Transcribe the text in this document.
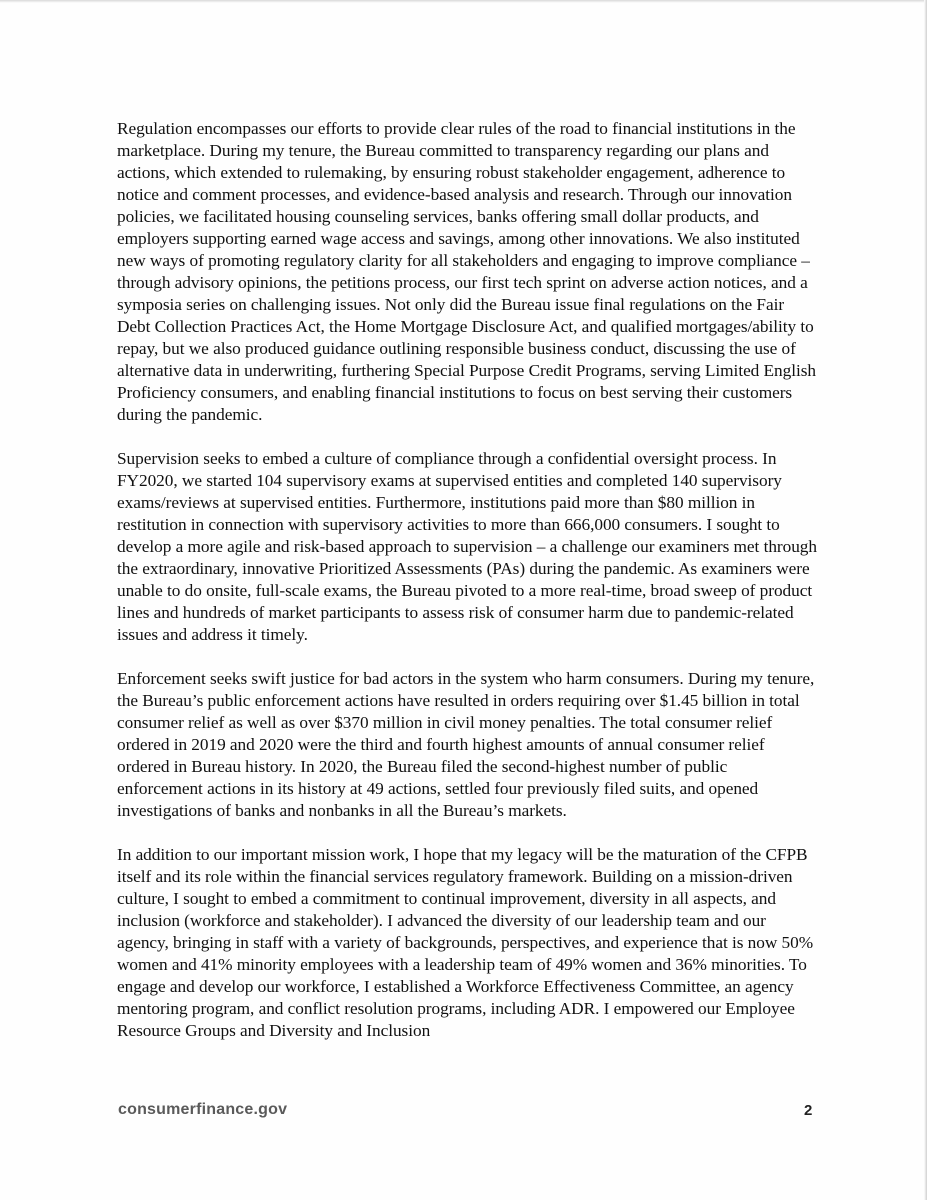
Regulation encompasses our efforts to provide clear rules of the road to financial institutions in the marketplace. During my tenure, the Bureau committed to transparency regarding our plans and actions, which extended to rulemaking, by ensuring robust stakeholder engagement, adherence to notice and comment processes, and evidence-based analysis and research. Through our innovation policies, we facilitated housing counseling services, banks offering small dollar products, and employers supporting earned wage access and savings, among other innovations. We also instituted new ways of promoting regulatory clarity for all stakeholders and engaging to improve compliance – through advisory opinions, the petitions process, our first tech sprint on adverse action notices, and a symposia series on challenging issues. Not only did the Bureau issue final regulations on the Fair Debt Collection Practices Act, the Home Mortgage Disclosure Act, and qualified mortgages/ability to repay, but we also produced guidance outlining responsible business conduct, discussing the use of alternative data in underwriting, furthering Special Purpose Credit Programs, serving Limited English Proficiency consumers, and enabling financial institutions to focus on best serving their customers during the pandemic.

Supervision seeks to embed a culture of compliance through a confidential oversight process. In FY2020, we started 104 supervisory exams at supervised entities and completed 140 supervisory exams/reviews at supervised entities. Furthermore, institutions paid more than $80 million in restitution in connection with supervisory activities to more than 666,000 consumers. I sought to develop a more agile and risk-based approach to supervision – a challenge our examiners met through the extraordinary, innovative Prioritized Assessments (PAs) during the pandemic. As examiners were unable to do onsite, full-scale exams, the Bureau pivoted to a more real-time, broad sweep of product lines and hundreds of market participants to assess risk of consumer harm due to pandemic-related issues and address it timely.

Enforcement seeks swift justice for bad actors in the system who harm consumers. During my tenure, the Bureau’s public enforcement actions have resulted in orders requiring over $1.45 billion in total consumer relief as well as over $370 million in civil money penalties. The total consumer relief ordered in 2019 and 2020 were the third and fourth highest amounts of annual consumer relief ordered in Bureau history. In 2020, the Bureau filed the second-highest number of public enforcement actions in its history at 49 actions, settled four previously filed suits, and opened investigations of banks and nonbanks in all the Bureau’s markets.

In addition to our important mission work, I hope that my legacy will be the maturation of the CFPB itself and its role within the financial services regulatory framework. Building on a mission-driven culture, I sought to embed a commitment to continual improvement, diversity in all aspects, and inclusion (workforce and stakeholder). I advanced the diversity of our leadership team and our agency, bringing in staff with a variety of backgrounds, perspectives, and experience that is now 50% women and 41% minority employees with a leadership team of 49% women and 36% minorities. To engage and develop our workforce, I established a Workforce Effectiveness Committee, an agency mentoring program, and conflict resolution programs, including ADR. I empowered our Employee Resource Groups and Diversity and Inclusion

consumerfinance.gov	2
